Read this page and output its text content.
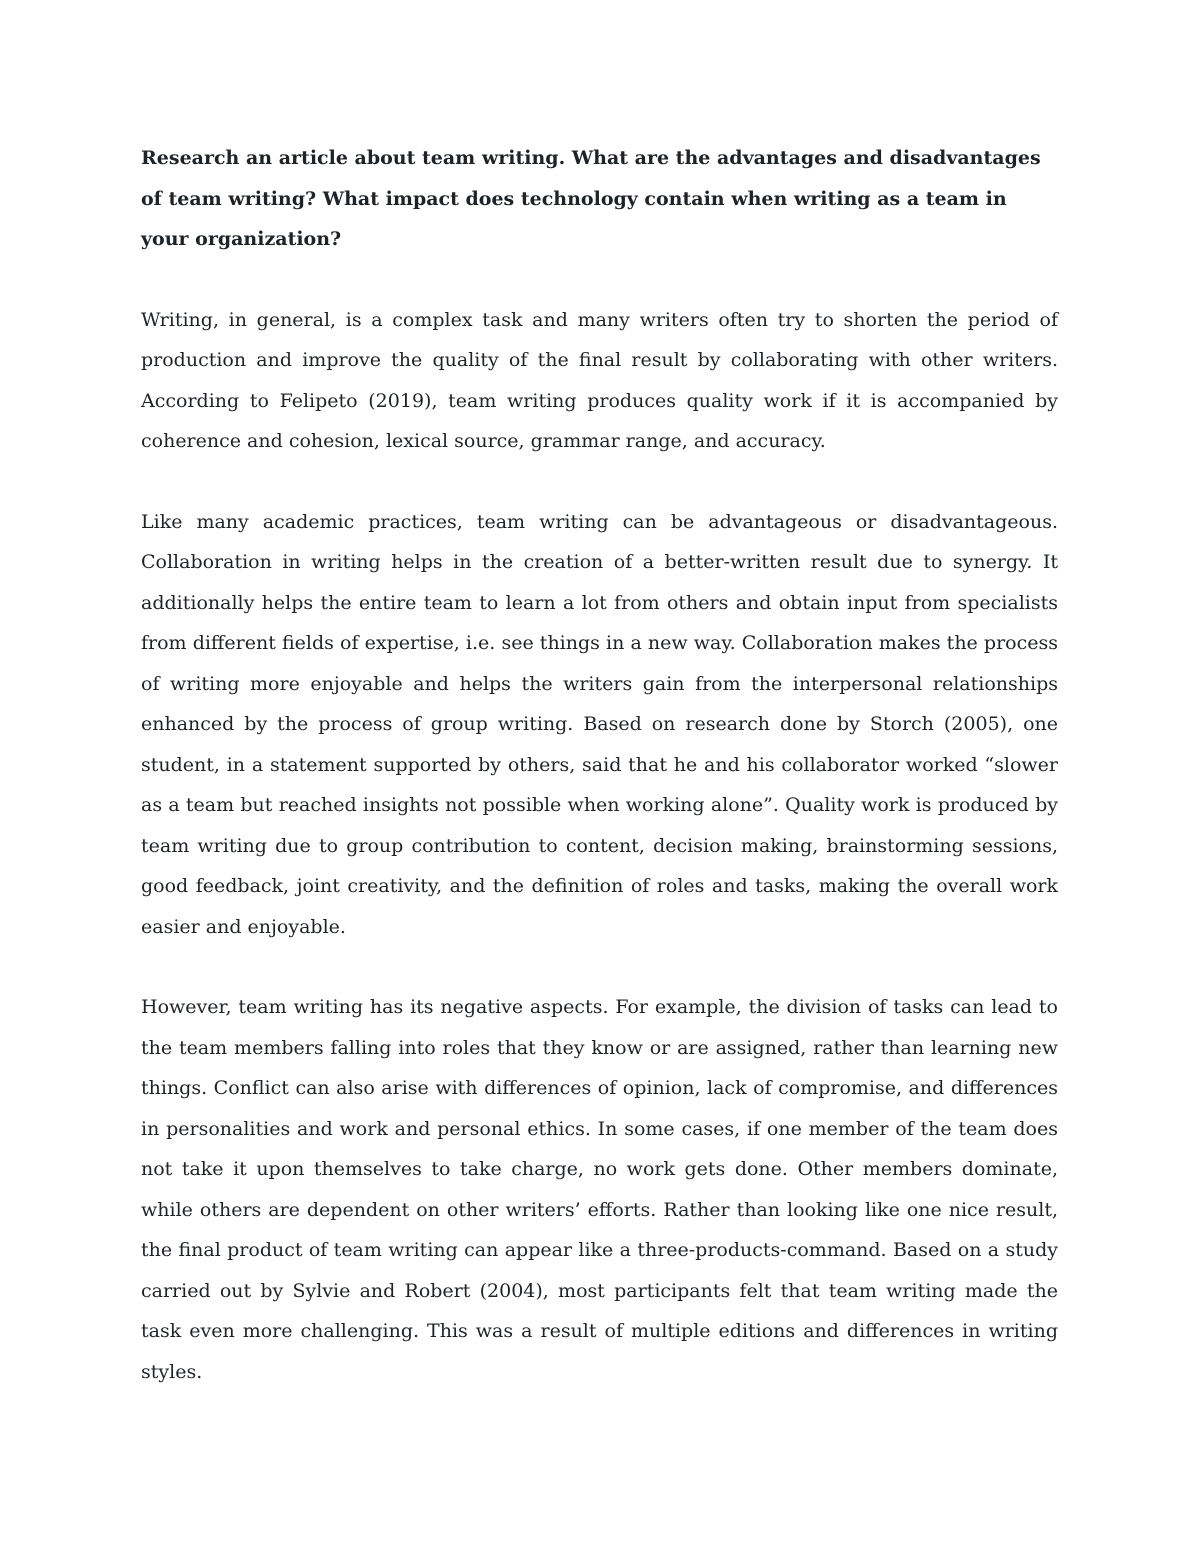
Research an article about team writing. What are the advantages and disadvantages of team writing? What impact does technology contain when writing as a team in your organization?

Writing, in general, is a complex task and many writers often try to shorten the period of production and improve the quality of the final result by collaborating with other writers. According to Felipeto (2019), team writing produces quality work if it is accompanied by coherence and cohesion, lexical source, grammar range, and accuracy.

Like many academic practices, team writing can be advantageous or disadvantageous. Collaboration in writing helps in the creation of a better-written result due to synergy. It additionally helps the entire team to learn a lot from others and obtain input from specialists from different fields of expertise, i.e. see things in a new way. Collaboration makes the process of writing more enjoyable and helps the writers gain from the interpersonal relationships enhanced by the process of group writing. Based on research done by Storch (2005), one student, in a statement supported by others, said that he and his collaborator worked “slower as a team but reached insights not possible when working alone”. Quality work is produced by team writing due to group contribution to content, decision making, brainstorming sessions, good feedback, joint creativity, and the definition of roles and tasks, making the overall work easier and enjoyable.

However, team writing has its negative aspects. For example, the division of tasks can lead to the team members falling into roles that they know or are assigned, rather than learning new things. Conflict can also arise with differences of opinion, lack of compromise, and differences in personalities and work and personal ethics. In some cases, if one member of the team does not take it upon themselves to take charge, no work gets done. Other members dominate, while others are dependent on other writers’ efforts. Rather than looking like one nice result, the final product of team writing can appear like a three-products-command. Based on a study carried out by Sylvie and Robert (2004), most participants felt that team writing made the task even more challenging. This was a result of multiple editions and differences in writing styles.
